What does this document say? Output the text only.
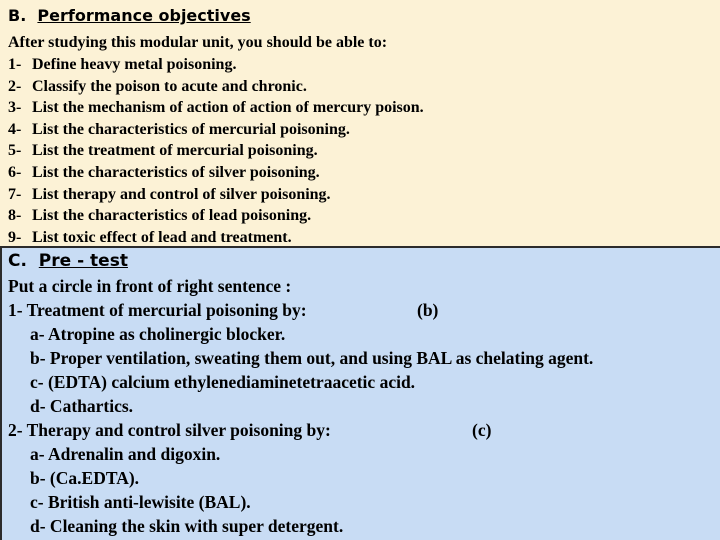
B. Performance objectives
After studying this modular unit, you should be able to:
1- Define heavy metal poisoning.
2- Classify the poison to acute and chronic.
3- List the mechanism of action of action of mercury poison.
4- List the characteristics of mercurial poisoning.
5- List the treatment of mercurial poisoning.
6- List the characteristics of silver poisoning.
7- List therapy and control of silver poisoning.
8- List the characteristics of lead poisoning.
9- List toxic effect of lead and treatment.
C. Pre - test
Put a circle in front of right sentence :
1- Treatment of mercurial poisoning by:	(b)
a- Atropine as cholinergic blocker.
b- Proper ventilation, sweating them out, and using BAL as chelating agent.
c- (EDTA) calcium ethylenediaminetetraacetic acid.
d- Cathartics.
2- Therapy and control silver poisoning by:	(c)
a- Adrenalin and digoxin.
b- (Ca.EDTA).
c- British anti-lewisite (BAL).
d- Cleaning the skin with super detergent.
